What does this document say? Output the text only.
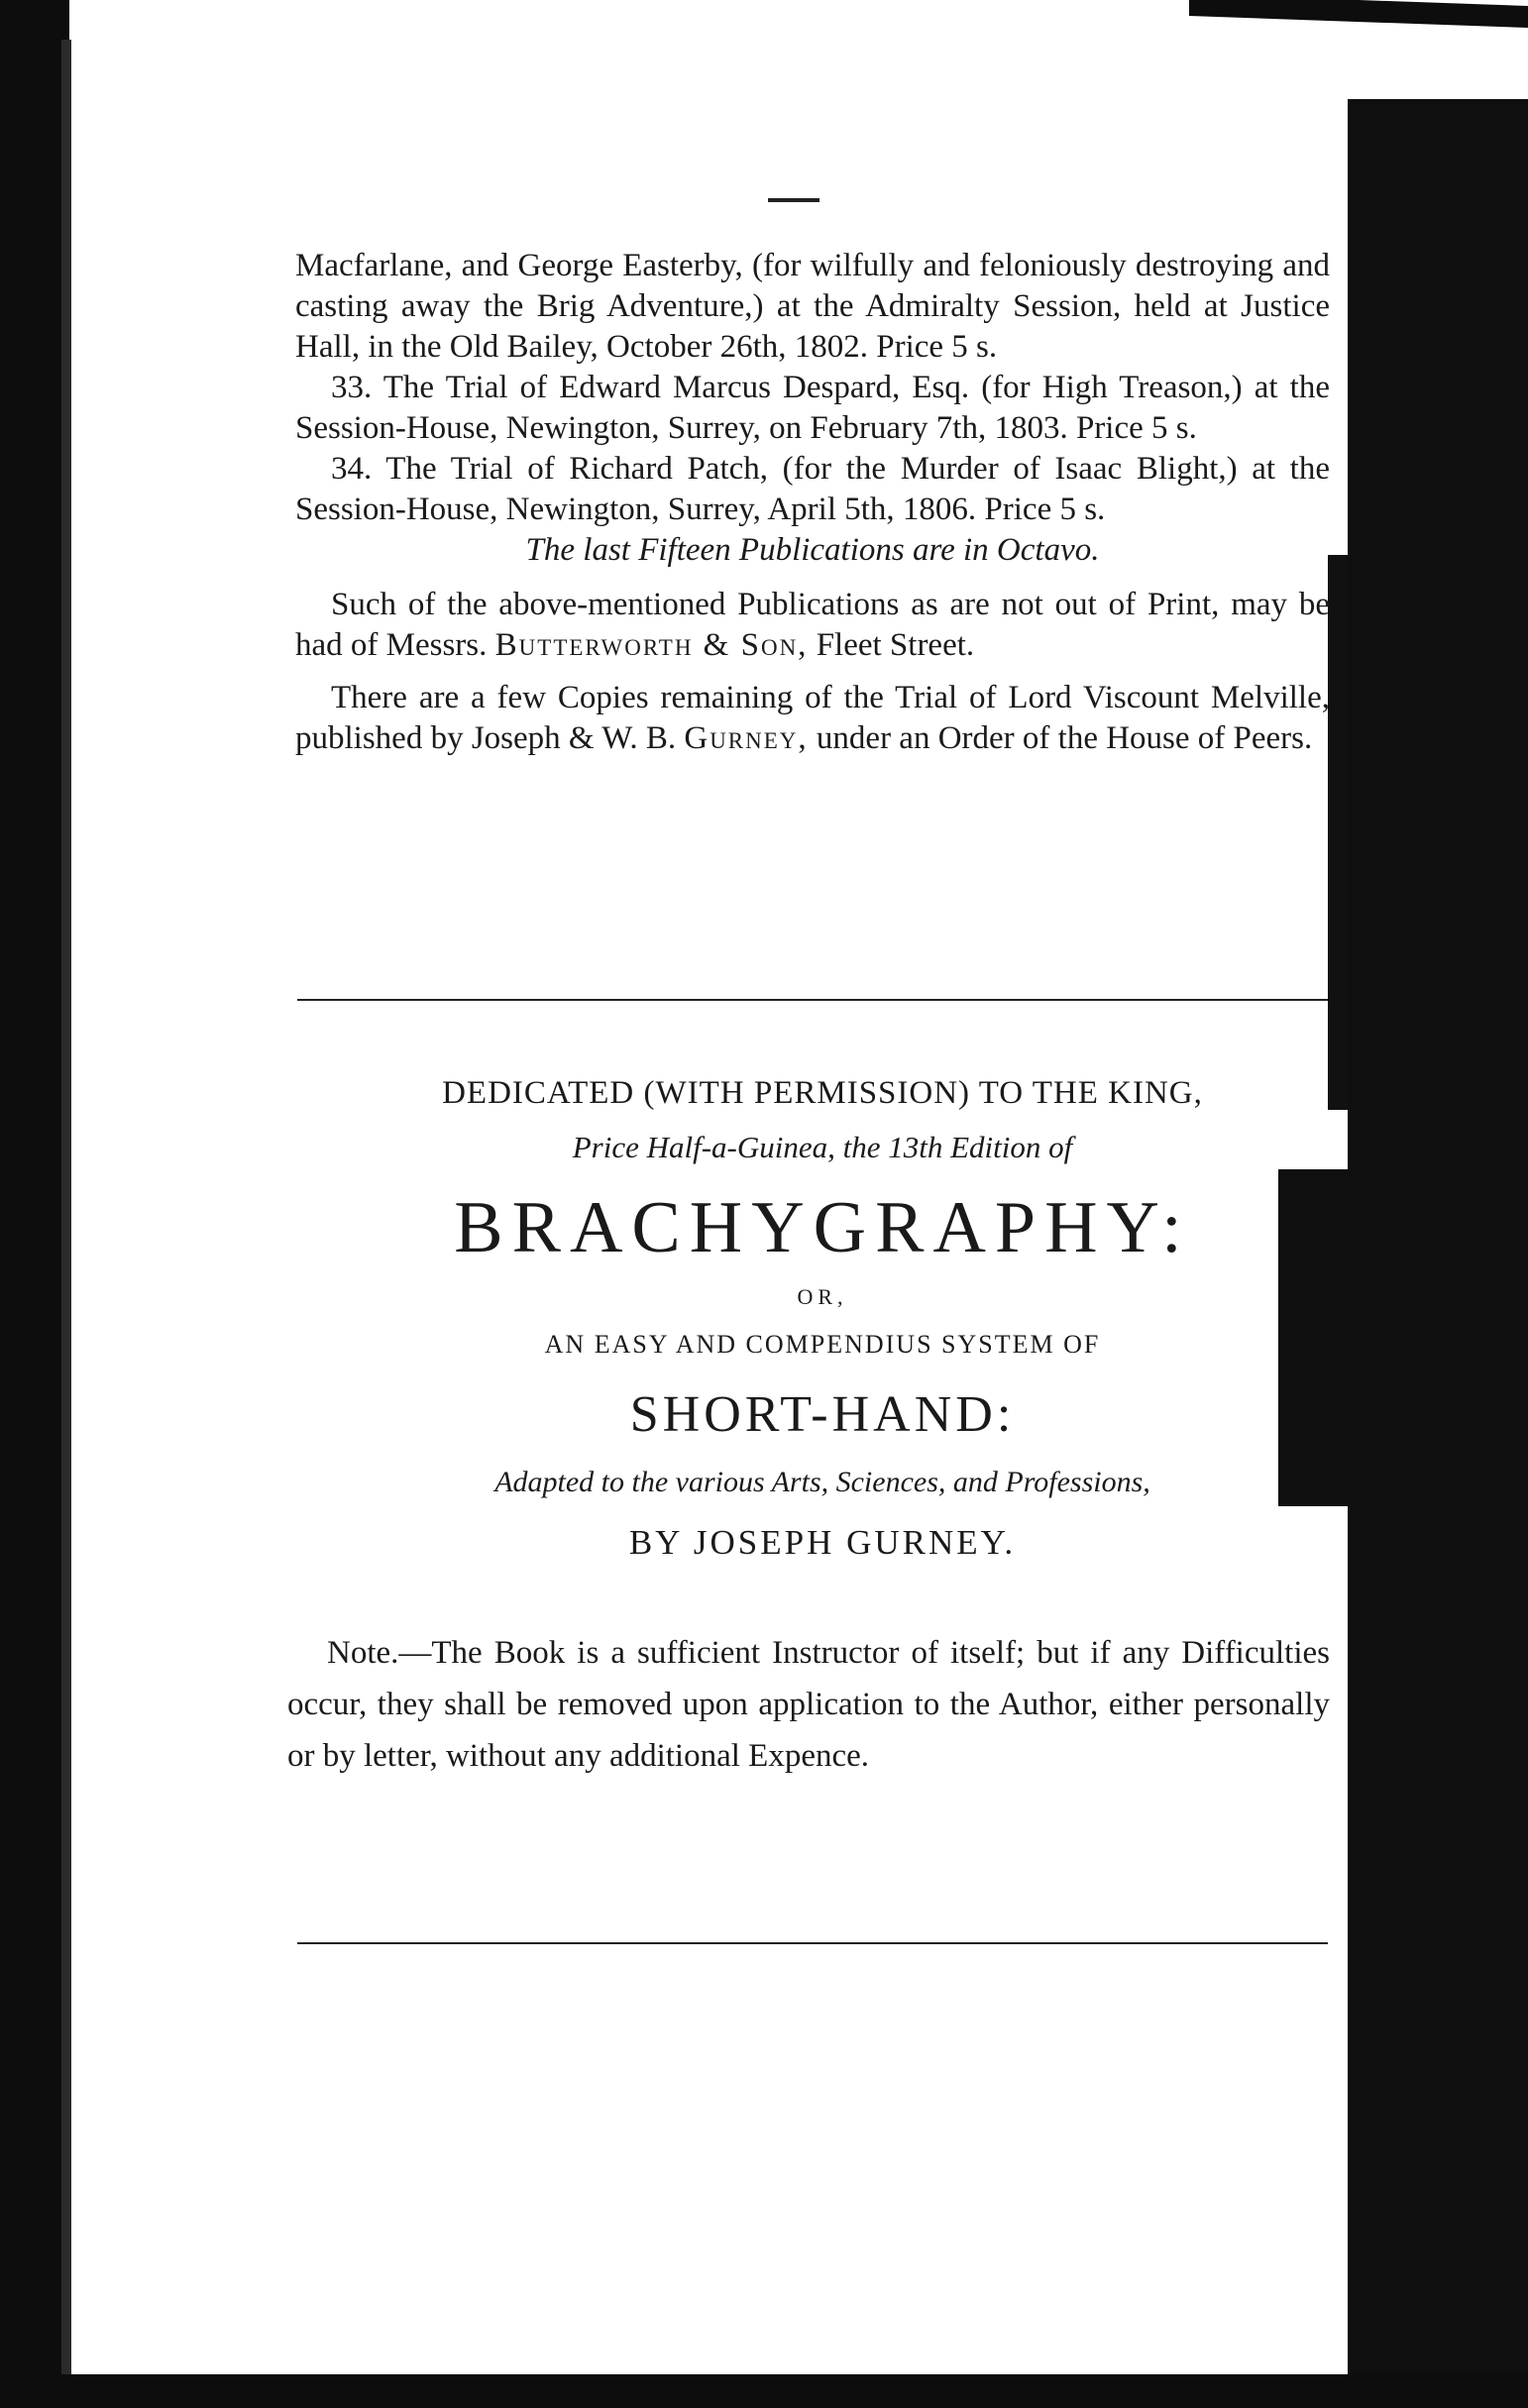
Macfarlane, and George Easterby, (for wilfully and feloniously destroying and casting away the Brig Adventure,) at the Admiralty Session, held at Justice Hall, in the Old Bailey, October 26th, 1802. Price 5 s.

33. The Trial of Edward Marcus Despard, Esq. (for High Treason,) at the Session-House, Newington, Surrey, on February 7th, 1803. Price 5 s.

34. The Trial of Richard Patch, (for the Murder of Isaac Blight,) at the Session-House, Newington, Surrey, April 5th, 1806. Price 5 s.

The last Fifteen Publications are in Octavo.

Such of the above-mentioned Publications as are not out of Print, may be had of Messrs. Butterworth & Son, Fleet Street.

There are a few Copies remaining of the Trial of Lord Viscount Melville, published by Joseph & W. B. Gurney, under an Order of the House of Peers.

DEDICATED (WITH PERMISSION) TO THE KING,

Price Half-a-Guinea, the 13th Edition of

BRACHYGRAPHY:

OR,

AN EASY AND COMPENDIUS SYSTEM OF

SHORT-HAND:

Adapted to the various Arts, Sciences, and Professions,

BY JOSEPH GURNEY.

Note.—The Book is a sufficient Instructor of itself; but if any Difficulties occur, they shall be removed upon application to the Author, either personally or by letter, without any additional Expence.
